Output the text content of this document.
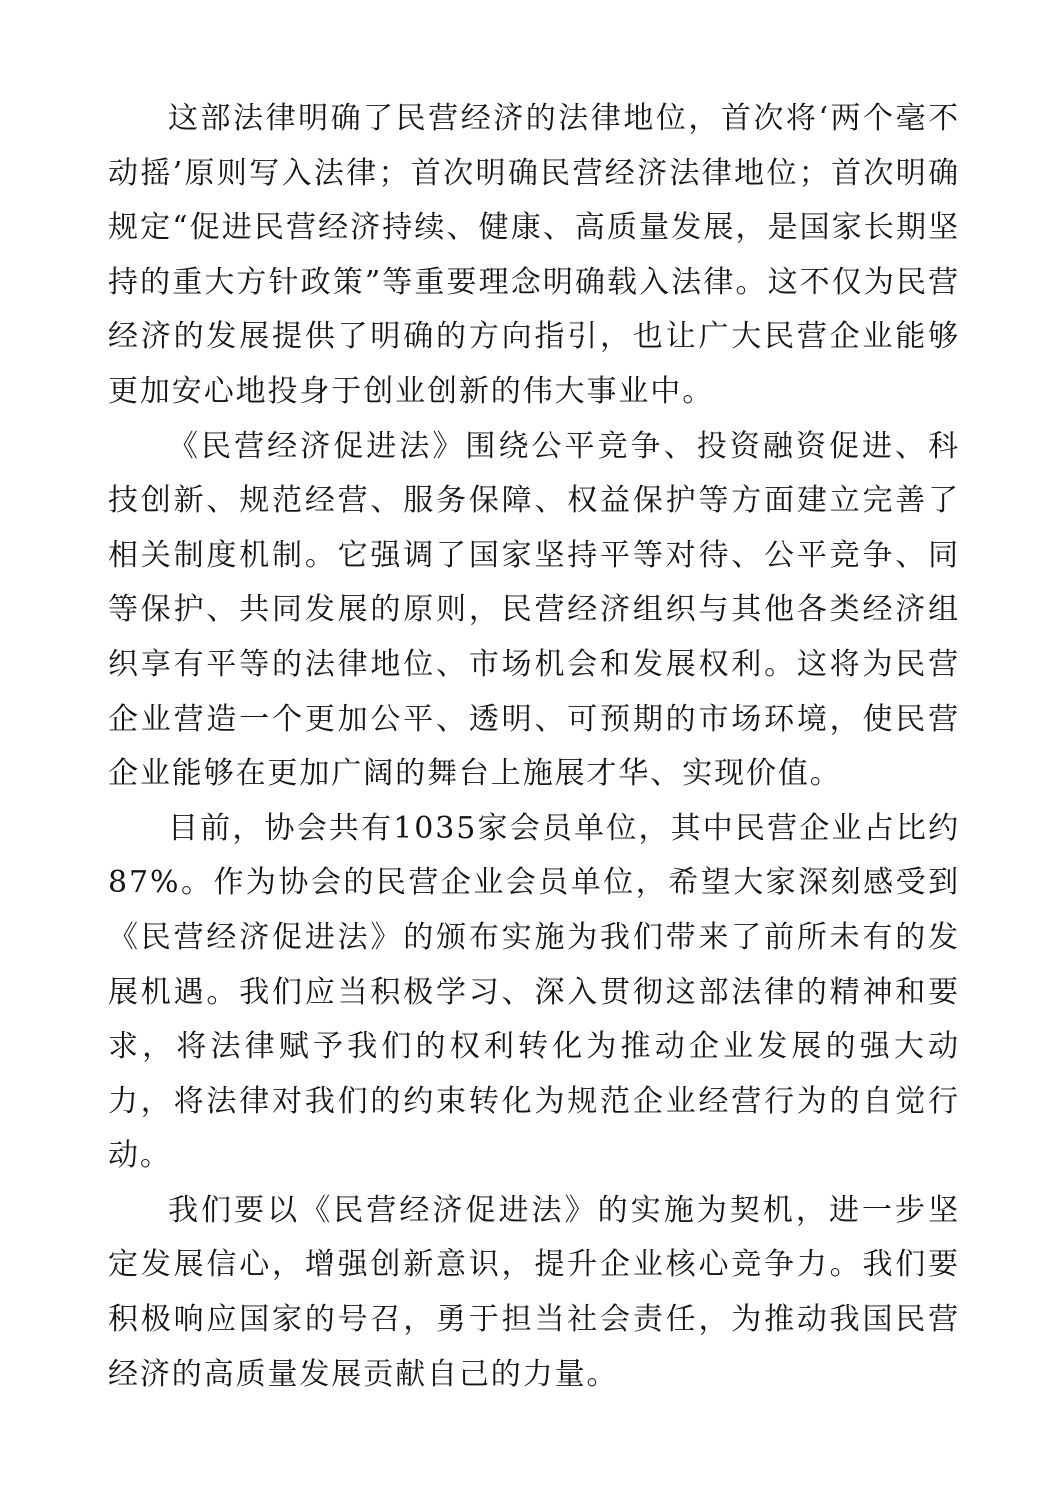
这部法律明确了民营经济的法律地位，首次将‘两个毫不动摇’原则写入法律；首次明确民营经济法律地位；首次明确规定“促进民营经济持续、健康、高质量发展，是国家长期坚持的重大方针政策”等重要理念明确载入法律。这不仅为民营经济的发展提供了明确的方向指引，也让广大民营企业能够更加安心地投身于创业创新的伟大事业中。

《民营经济促进法》围绕公平竞争、投资融资促进、科技创新、规范经营、服务保障、权益保护等方面建立完善了相关制度机制。它强调了国家坚持平等对待、公平竞争、同等保护、共同发展的原则，民营经济组织与其他各类经济组织享有平等的法律地位、市场机会和发展权利。这将为民营企业营造一个更加公平、透明、可预期的市场环境，使民营企业能够在更加广阔的舞台上施展才华、实现价值。

目前，协会共有1035家会员单位，其中民营企业占比约87%。作为协会的民营企业会员单位，希望大家深刻感受到《民营经济促进法》的颁布实施为我们带来了前所未有的发展机遇。我们应当积极学习、深入贯彻这部法律的精神和要求，将法律赋予我们的权利转化为推动企业发展的强大动力，将法律对我们的约束转化为规范企业经营行为的自觉行动。

我们要以《民营经济促进法》的实施为契机，进一步坚定发展信心，增强创新意识，提升企业核心竞争力。我们要积极响应国家的号召，勇于担当社会责任，为推动我国民营经济的高质量发展贡献自己的力量。
